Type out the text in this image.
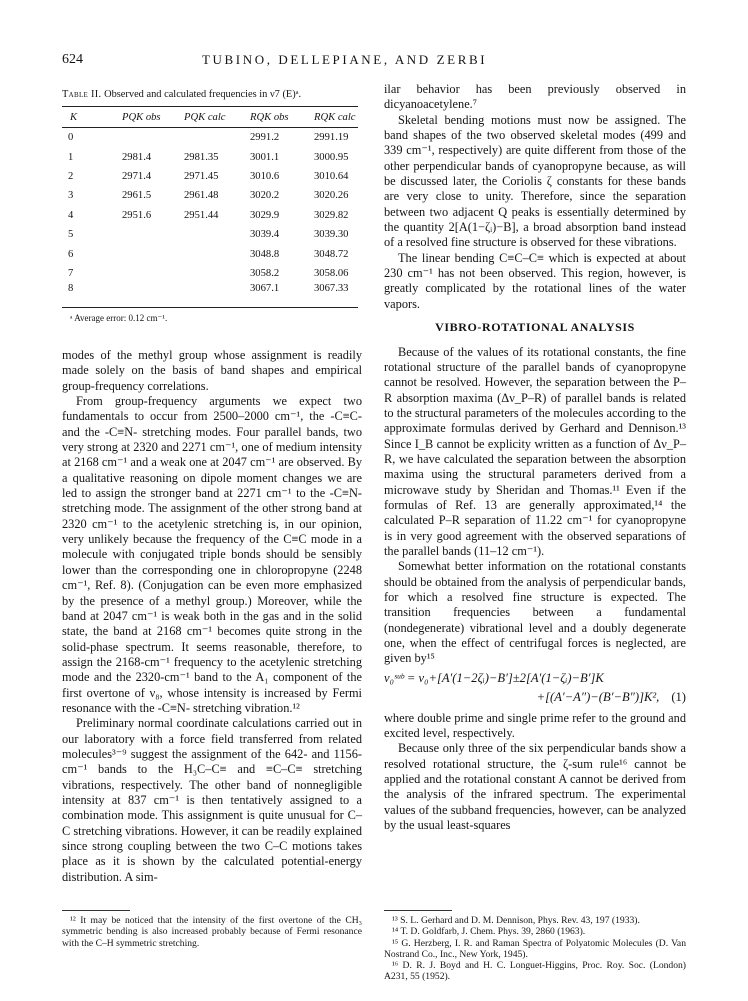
624	TUBINO, DELLEPIANE, AND ZERBI
Table II. Observed and calculated frequencies in ν7 (E)ᵃ.
K	PQK obs	PQK calc	RQK obs	RQK calc
0			2991.2	2991.19
1	2981.4	2981.35	3001.1	3000.95
2	2971.4	2971.45	3010.6	3010.64
3	2961.5	2961.48	3020.2	3020.26
4	2951.6	2951.44	3029.9	3029.82
5			3039.4	3039.30
6			3048.8	3048.72
7			3058.2	3058.06
8			3067.1	3067.33
ᵃ Average error: 0.12 cm⁻¹.

modes of the methyl group whose assignment is readily made solely on the basis of band shapes and empirical group-frequency correlations.

From group-frequency arguments we expect two fundamentals to occur from 2500–2000 cm⁻¹, the -C≡C- and the -C≡N- stretching modes. Four parallel bands, two very strong at 2320 and 2271 cm⁻¹, one of medium intensity at 2168 cm⁻¹ and a weak one at 2047 cm⁻¹ are observed. By a qualitative reasoning on dipole moment changes we are led to assign the stronger band at 2271 cm⁻¹ to the -C≡N- stretching mode. The assignment of the other strong band at 2320 cm⁻¹ to the acetylenic stretching is, in our opinion, very unlikely because the frequency of the C≡C mode in a molecule with conjugated triple bonds should be sensibly lower than the corresponding one in chloropropyne (2248 cm⁻¹, Ref. 8). (Conjugation can be even more emphasized by the presence of a methyl group.) Moreover, while the band at 2047 cm⁻¹ is weak both in the gas and in the solid state, the band at 2168 cm⁻¹ becomes quite strong in the solid-phase spectrum. It seems reasonable, therefore, to assign the 2168-cm⁻¹ frequency to the acetylenic stretching mode and the 2320-cm⁻¹ band to the A₁ component of the first overtone of ν₈, whose intensity is increased by Fermi resonance with the -C≡N- stretching vibration.¹²

Preliminary normal coordinate calculations carried out in our laboratory with a force field transferred from related molecules³⁻⁹ suggest the assignment of the 642- and 1156-cm⁻¹ bands to the H₃C–C≡ and ≡C–C≡ stretching vibrations, respectively. The other band of nonnegligible intensity at 837 cm⁻¹ is then tentatively assigned to a combination mode. This assignment is quite unusual for C–C stretching vibrations. However, it can be readily explained since strong coupling between the two C–C motions takes place as it is shown by the calculated potential-energy distribution. A sim-

¹² It may be noticed that the intensity of the first overtone of the CH₃ symmetric bending is also increased probably because of Fermi resonance with the C–H symmetric stretching.

ilar behavior has been previously observed in dicyanoacetylene.⁷

Skeletal bending motions must now be assigned. The band shapes of the two observed skeletal modes (499 and 339 cm⁻¹, respectively) are quite different from those of the other perpendicular bands of cyanopropyne because, as will be discussed later, the Coriolis ζ constants for these bands are very close to unity. Therefore, since the separation between two adjacent Q peaks is essentially determined by the quantity 2[A(1−ζᵢ)−B], a broad absorption band instead of a resolved fine structure is observed for these vibrations.

The linear bending C≡C–C≡ which is expected at about 230 cm⁻¹ has not been observed. This region, however, is greatly complicated by the rotational lines of the water vapors.

VIBRO-ROTATIONAL ANALYSIS

Because of the values of its rotational constants, the fine rotational structure of the parallel bands of cyanopropyne cannot be resolved. However, the separation between the P–R absorption maxima (Δν_P–R) of parallel bands is related to the structural parameters of the molecules according to the approximate formulas derived by Gerhard and Dennison.¹³ Since I_B cannot be explicity written as a function of Δν_P–R, we have calculated the separation between the absorption maxima using the structural parameters derived from a microwave study by Sheridan and Thomas.¹¹ Even if the formulas of Ref. 13 are generally approximated,¹⁴ the calculated P–R separation of 11.22 cm⁻¹ for cyanopropyne is in very good agreement with the observed separations of the parallel bands (11–12 cm⁻¹).

Somewhat better information on the rotational constants should be obtained from the analysis of perpendicular bands, for which a resolved fine structure is expected. The transition frequencies between a fundamental (nondegenerate) vibrational level and a doubly degenerate one, when the effect of centrifugal forces is neglected, are given by¹⁵

ν₀ˢᵘᵇ = ν₀+[A′(1−2ζᵢ)−B′]±2[A′(1−ζᵢ)−B′]K
+[(A′−A″)−(B′−B″)]K², (1)

where double prime and single prime refer to the ground and excited level, respectively.

Because only three of the six perpendicular bands show a resolved rotational structure, the ζ-sum rule¹⁶ cannot be applied and the rotational constant A cannot be derived from the analysis of the infrared spectrum. The experimental values of the subband frequencies, however, can be analyzed by the usual least-squares

¹³ S. L. Gerhard and D. M. Dennison, Phys. Rev. 43, 197 (1933).

¹⁴ T. D. Goldfarb, J. Chem. Phys. 39, 2860 (1963).

¹⁵ G. Herzberg, I. R. and Raman Spectra of Polyatomic Molecules (D. Van Nostrand Co., Inc., New York, 1945).

¹⁶ D. R. J. Boyd and H. C. Longuet-Higgins, Proc. Roy. Soc. (London) A231, 55 (1952).
